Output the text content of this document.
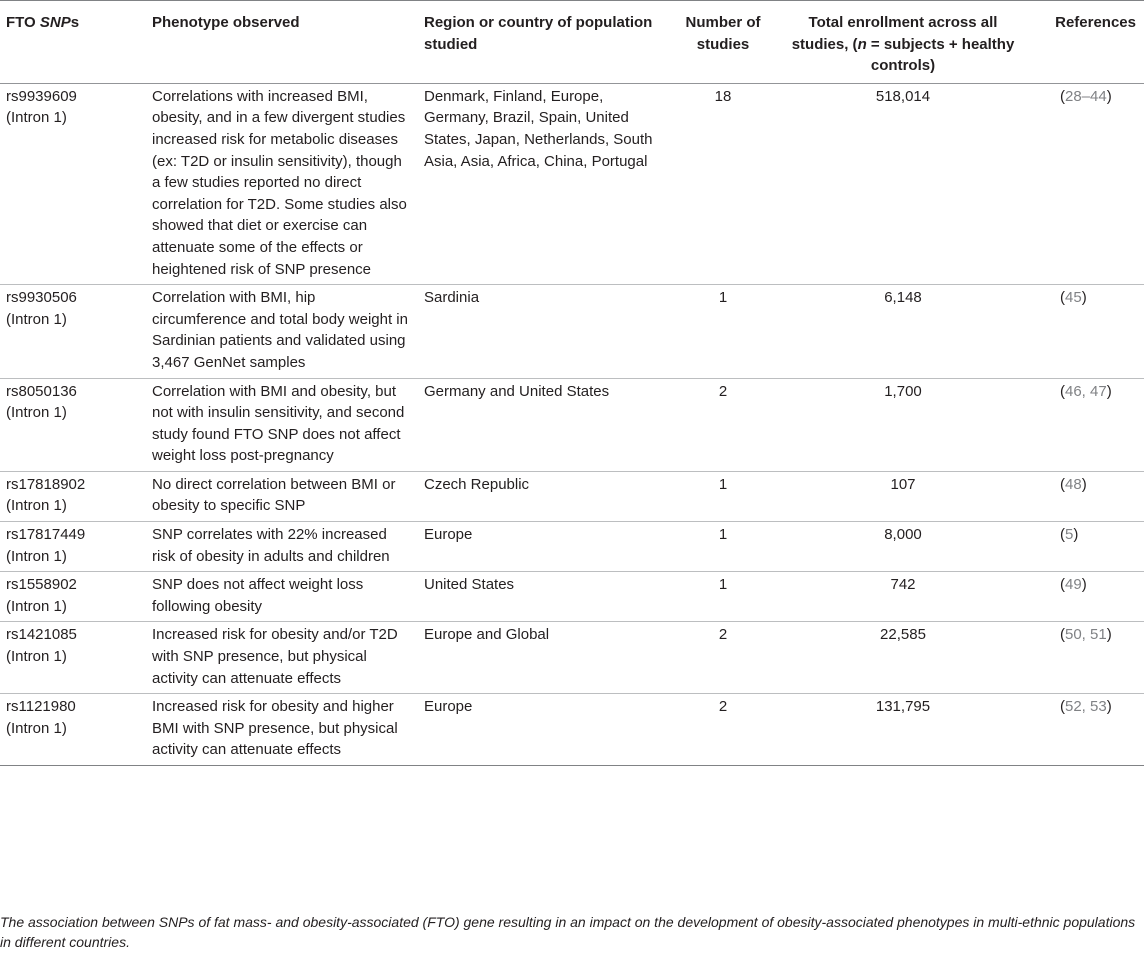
FTO SNPs	Phenotype observed	Region or country of population studied	Number of studies	Total enrollment across all studies, (n = subjects + healthy controls)	References

rs9939609
(Intron 1)	Correlations with increased BMI, obesity, and in a few divergent studies increased risk for metabolic diseases (ex: T2D or insulin sensitivity), though a few studies reported no direct correlation for T2D. Some studies also showed that diet or exercise can attenuate some of the effects or heightened risk of SNP presence	Denmark, Finland, Europe, Germany, Brazil, Spain, United States, Japan, Netherlands, South Asia, Asia, Africa, China, Portugal	18	518,014	(28–44)

rs9930506
(Intron 1)	Correlation with BMI, hip circumference and total body weight in Sardinian patients and validated using 3,467 GenNet samples	Sardinia	1	6,148	(45)

rs8050136
(Intron 1)	Correlation with BMI and obesity, but not with insulin sensitivity, and second study found FTO SNP does not affect weight loss post-pregnancy	Germany and United States	2	1,700	(46, 47)

rs17818902
(Intron 1)	No direct correlation between BMI or obesity to specific SNP	Czech Republic	1	107	(48)

rs17817449
(Intron 1)	SNP correlates with 22% increased risk of obesity in adults and children	Europe	1	8,000	(5)

rs1558902
(Intron 1)	SNP does not affect weight loss following obesity	United States	1	742	(49)

rs1421085
(Intron 1)	Increased risk for obesity and/or T2D with SNP presence, but physical activity can attenuate effects	Europe and Global	2	22,585	(50, 51)

rs1121980
(Intron 1)	Increased risk for obesity and higher BMI with SNP presence, but physical activity can attenuate effects	Europe	2	131,795	(52, 53)
The association between SNPs of fat mass- and obesity-associated (FTO) gene resulting in an impact on the development of obesity-associated phenotypes in multi-ethnic populations in different countries.
